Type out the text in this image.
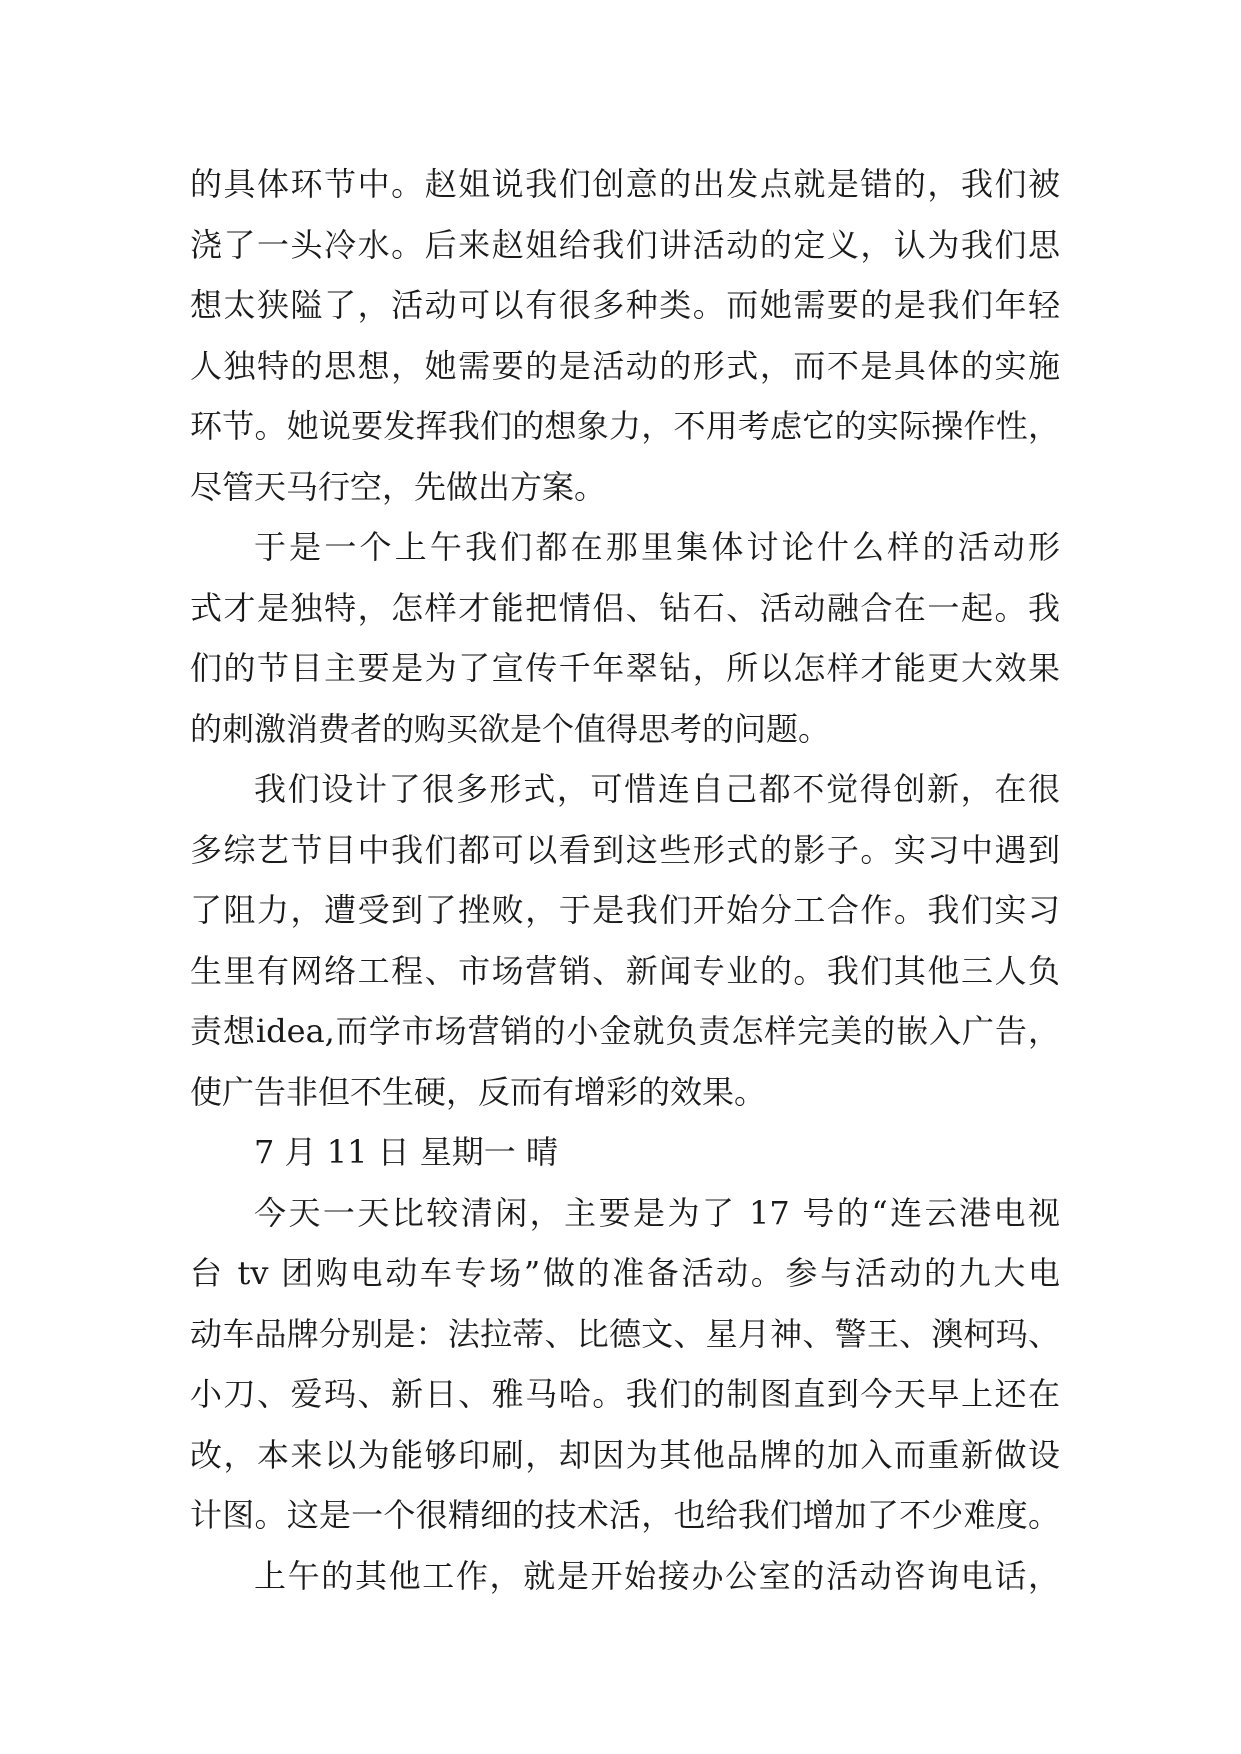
的具体环节中。赵姐说我们创意的出发点就是错的，我们被
浇了一头冷水。后来赵姐给我们讲活动的定义，认为我们思
想太狭隘了，活动可以有很多种类。而她需要的是我们年轻
人独特的思想，她需要的是活动的形式，而不是具体的实施
环节。她说要发挥我们的想象力，不用考虑它的实际操作性，
尽管天马行空，先做出方案。
于是一个上午我们都在那里集体讨论什么样的活动形
式才是独特，怎样才能把情侣、钻石、活动融合在一起。我
们的节目主要是为了宣传千年翠钻，所以怎样才能更大效果
的刺激消费者的购买欲是个值得思考的问题。
我们设计了很多形式，可惜连自己都不觉得创新，在很
多综艺节目中我们都可以看到这些形式的影子。实习中遇到
了阻力，遭受到了挫败，于是我们开始分工合作。我们实习
生里有网络工程、市场营销、新闻专业的。我们其他三人负
责想idea,而学市场营销的小金就负责怎样完美的嵌入广告，
使广告非但不生硬，反而有增彩的效果。
7 月 11 日 星期一 晴
今天一天比较清闲，主要是为了 17 号的“连云港电视
台 tv 团购电动车专场”做的准备活动。参与活动的九大电
动车品牌分别是：法拉蒂、比德文、星月神、警王、澳柯玛、
小刀、爱玛、新日、雅马哈。我们的制图直到今天早上还在
改，本来以为能够印刷，却因为其他品牌的加入而重新做设
计图。这是一个很精细的技术活，也给我们增加了不少难度。
上午的其他工作，就是开始接办公室的活动咨询电话，
